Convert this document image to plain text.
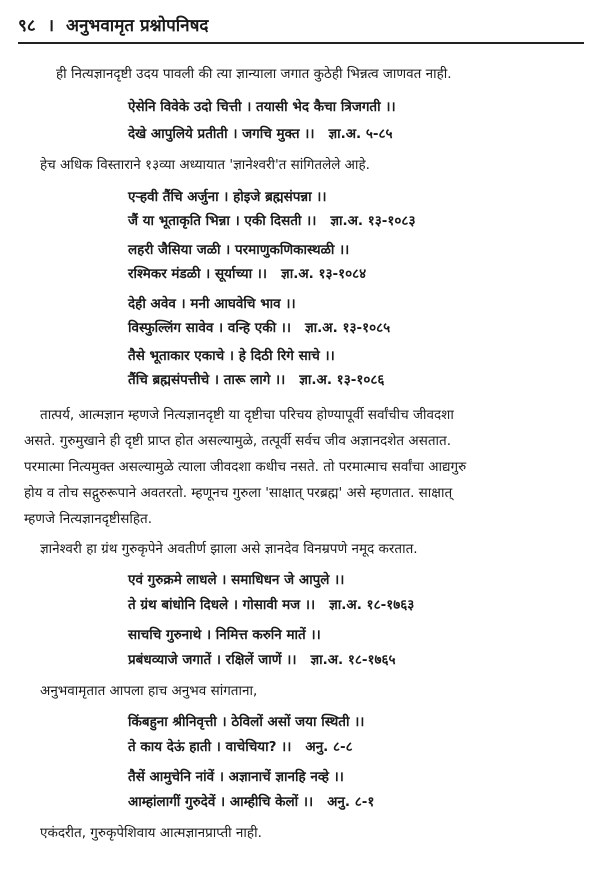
९८ । अनुभवामृत प्रश्नोपनिषद
ही नित्यज्ञानदृष्टी उदय पावली की त्या ज्ञान्याला जगात कुठेही भिन्नत्व जाणवत नाही.
ऐसेनि विवेके उदो चित्ती । तयासी भेद कैचा त्रिजगती ।।
देखे आपुलिये प्रतीती । जगचि मुक्त ।। ज्ञा.अ. ५-८५
हेच अधिक विस्ताराने १३व्या अध्यायात 'ज्ञानेश्वरी'त सांगितलेले आहे.
एऱ्हवी तैंचि अर्जुना । होइजे ब्रह्मसंपन्ना ।।
जैं या भूताकृति भिन्ना । एकी दिसती ।। ज्ञा.अ. १३-१०८३
लहरी जैसिया जळी । परमाणुकणिकास्थळी ।।
रश्मिकर मंडळी । सूर्याच्या ।। ज्ञा.अ. १३-१०८४
देही अवेव । मनी आघवेचि भाव ।।
विस्फुल्लिंग सावेव । वन्हि एकी ।। ज्ञा.अ. १३-१०८५
तैसे भूताकार एकाचे । हे दिठी रिगे साचे ।।
तैंचि ब्रह्मसंपत्तीचे । तारू लागे ।। ज्ञा.अ. १३-१०८६
तात्पर्य, आत्मज्ञान म्हणजे नित्यज्ञानदृष्टी या दृष्टीचा परिचय होण्यापूर्वी सर्वांचीच जीवदशा
असते. गुरुमुखाने ही दृष्टी प्राप्त होत असल्यामुळे, तत्पूर्वी सर्वच जीव अज्ञानदशेत असतात.
परमात्मा नित्यमुक्त असल्यामुळे त्याला जीवदशा कधीच नसते. तो परमात्माच सर्वांचा आद्यगुरु
होय व तोच सद्गुरुरूपाने अवतरतो. म्हणूनच गुरुला 'साक्षात् परब्रह्म' असे म्हणतात. साक्षात्
म्हणजे नित्यज्ञानदृष्टीसहित.
ज्ञानेश्वरी हा ग्रंथ गुरुकृपेने अवतीर्ण झाला असे ज्ञानदेव विनम्रपणे नमूद करतात.
एवं गुरुक्रमे लाधले । समाधिधन जे आपुले ।।
ते ग्रंथ बांधोनि दिधले । गोसावी मज ।। ज्ञा.अ. १८-१७६३
साचचि गुरुनाथे । निमित्त करुनि मातें ।।
प्रबंधव्याजे जगातें । रक्षिलें जाणें ।। ज्ञा.अ. १८-१७६५
अनुभवामृतात आपला हाच अनुभव सांगताना,
किंबहुना श्रीनिवृत्ती । ठेविलों असों जया स्थिती ।।
ते काय देऊं हाती । वाचेचिया? ।। अनु. ८-८
तैसें आमुचेनि नांवें । अज्ञानाचें ज्ञानहि नव्हे ।।
आम्हांलागीं गुरुदेवें । आम्हीचि केलों ।। अनु. ८-१
एकंदरीत, गुरुकृपेशिवाय आत्मज्ञानप्राप्ती नाही.
